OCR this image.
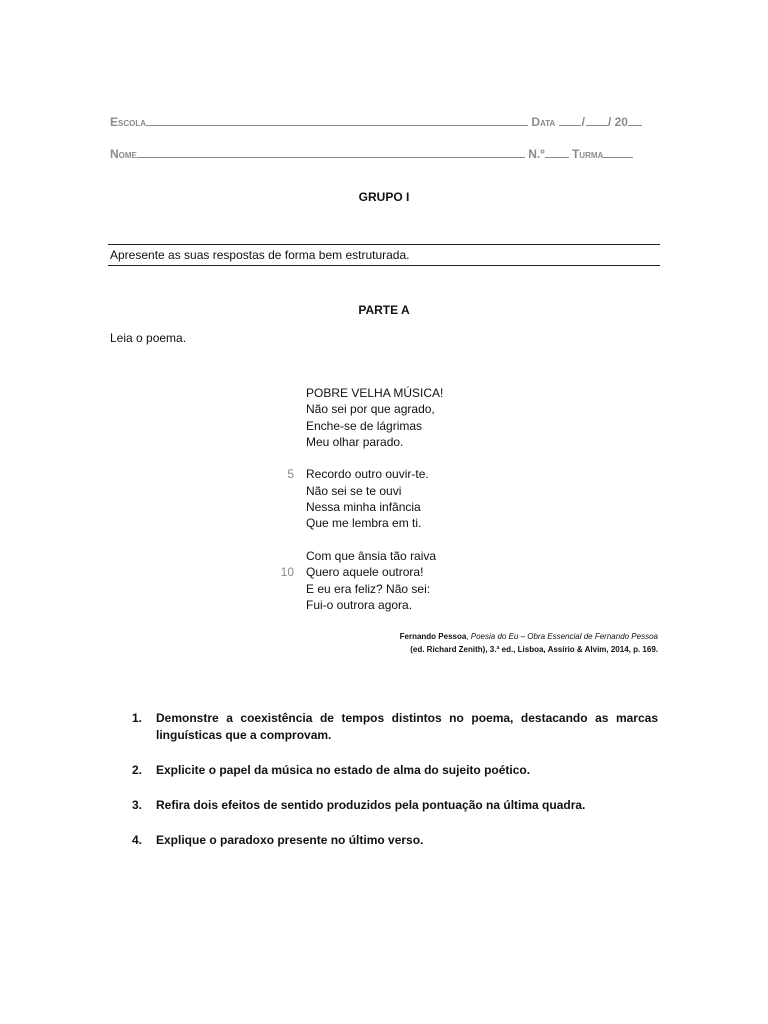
Escola	Data / / 20
Nome	N.º Turma
GRUPO I
Apresente as suas respostas de forma bem estruturada.
PARTE A
Leia o poema.
POBRE VELHA MÚSICA!
Não sei por que agrado,
Enche-se de lágrimas
Meu olhar parado.
5 Recordo outro ouvir-te.
Não sei se te ouvi
Nessa minha infância
Que me lembra em ti.
Com que ânsia tão raiva
10 Quero aquele outrora!
E eu era feliz? Não sei:
Fui-o outrora agora.
Fernando Pessoa, Poesia do Eu – Obra Essencial de Fernando Pessoa
(ed. Richard Zenith), 3.ª ed., Lisboa, Assírio & Alvim, 2014, p. 169.
1. Demonstre a coexistência de tempos distintos no poema, destacando as marcas linguísticas que a comprovam.
2. Explicite o papel da música no estado de alma do sujeito poético.
3. Refira dois efeitos de sentido produzidos pela pontuação na última quadra.
4. Explique o paradoxo presente no último verso.
